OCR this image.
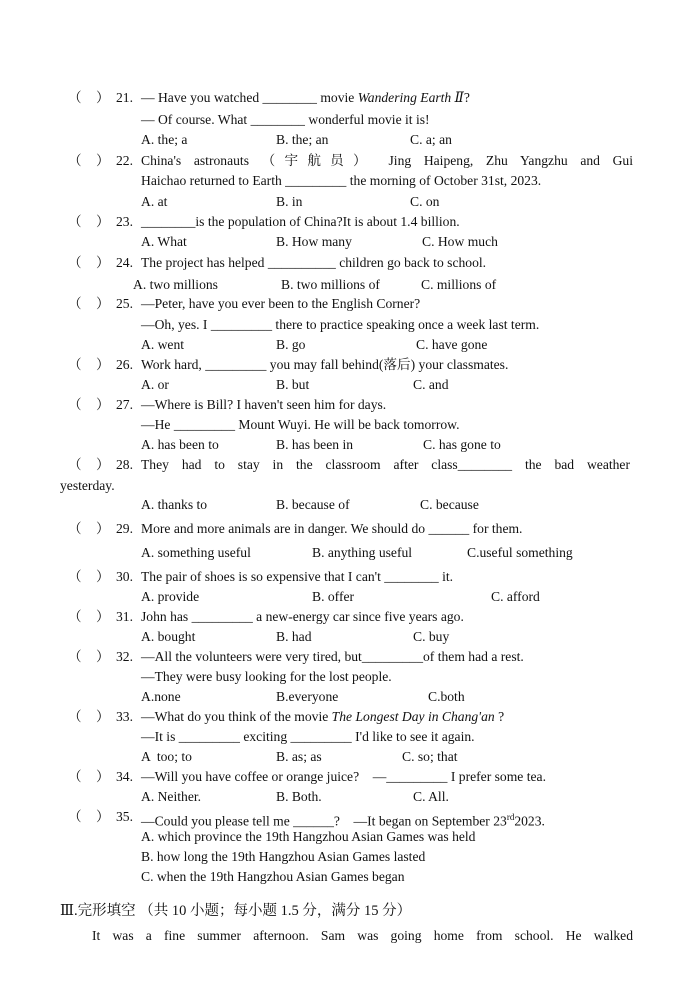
（ ） 21. — Have you watched ________ movie Wandering Earth Ⅱ?
— Of course. What ________ wonderful movie it is!
A. the; a	B. the; an	C. a; an
（ ） 22. China's astronauts （宇航员） Jing Haipeng, Zhu Yangzhu and Gui
Haichao returned to Earth _________ the morning of October 31st, 2023.
A. at	B. in	C. on
（ ） 23. ________is the population of China?It is about 1.4 billion.
A. What	B. How many	C. How much
（ ） 24. The project has helped __________ children go back to school.
A. two millions	B. two millions of	C. millions of
（ ） 25. —Peter, have you ever been to the English Corner?
—Oh, yes. I _________ there to practice speaking once a week last term.
A. went	B. go	C. have gone
（ ） 26. Work hard, _________ you may fall behind(落后) your classmates.
A. or	B. but	C. and
（ ） 27. —Where is Bill? I haven't seen him for days.
—He _________ Mount Wuyi. He will be back tomorrow.
A. has been to	B. has been in	C. has gone to
（ ） 28. They had to stay in the classroom after class________ the bad weather
yesterday.
A. thanks to	B. because of	C. because
（ ） 29. More and more animals are in danger. We should do ______ for them.
A. something useful	B. anything useful	C.useful something
（ ） 30. The pair of shoes is so expensive that I can't ________ it.
A. provide	B. offer	C. afford
（ ） 31. John has _________ a new-energy car since five years ago.
A. bought	B. had	C. buy
（ ） 32. —All the volunteers were very tired, but_________of them had a rest.
—They were busy looking for the lost people.
A.none	B.everyone	C.both
（ ） 33. —What do you think of the movie The Longest Day in Chang'an ?
—It is _________ exciting _________ I'd like to see it again.
A  too; to	B. as; as	C. so; that
（ ） 34. —Will you have coffee or orange juice?    —_________ I prefer some tea.
A. Neither.	B. Both.	C. All.
（ ） 35. —Could you please tell me ______?    —It began on September 23rd2023.
A. which province the 19th Hangzhou Asian Games was held
B. how long the 19th Hangzhou Asian Games lasted
C. when the 19th Hangzhou Asian Games began
Ⅲ.完形填空 （共 10 小题；每小题 1.5 分，满分 15 分）
It was a fine summer afternoon. Sam was going home from school. He walked
